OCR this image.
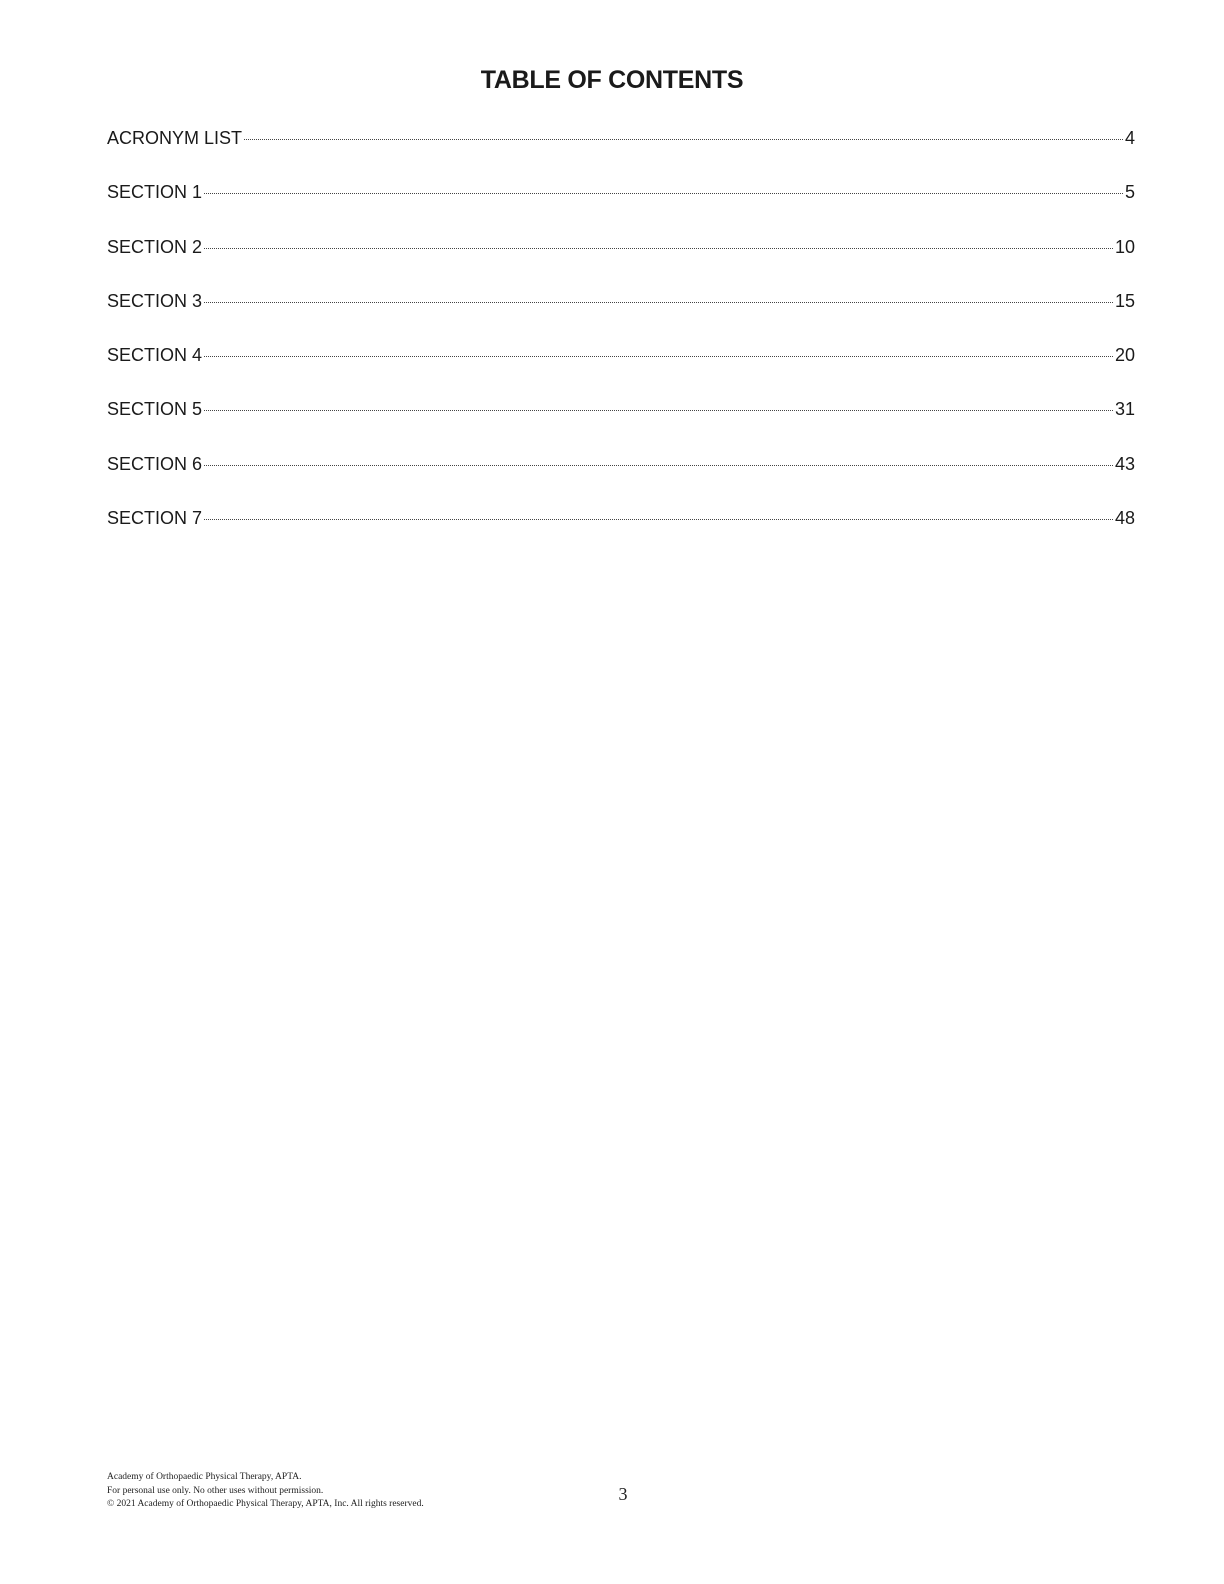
TABLE OF CONTENTS
ACRONYM LIST	4
SECTION 1	5
SECTION 2	10
SECTION 3	15
SECTION 4	20
SECTION 5	31
SECTION 6	43
SECTION 7	48
Academy of Orthopaedic Physical Therapy, APTA.
For personal use only. No other uses without permission.
© 2021 Academy of Orthopaedic Physical Therapy, APTA, Inc. All rights reserved.	3
